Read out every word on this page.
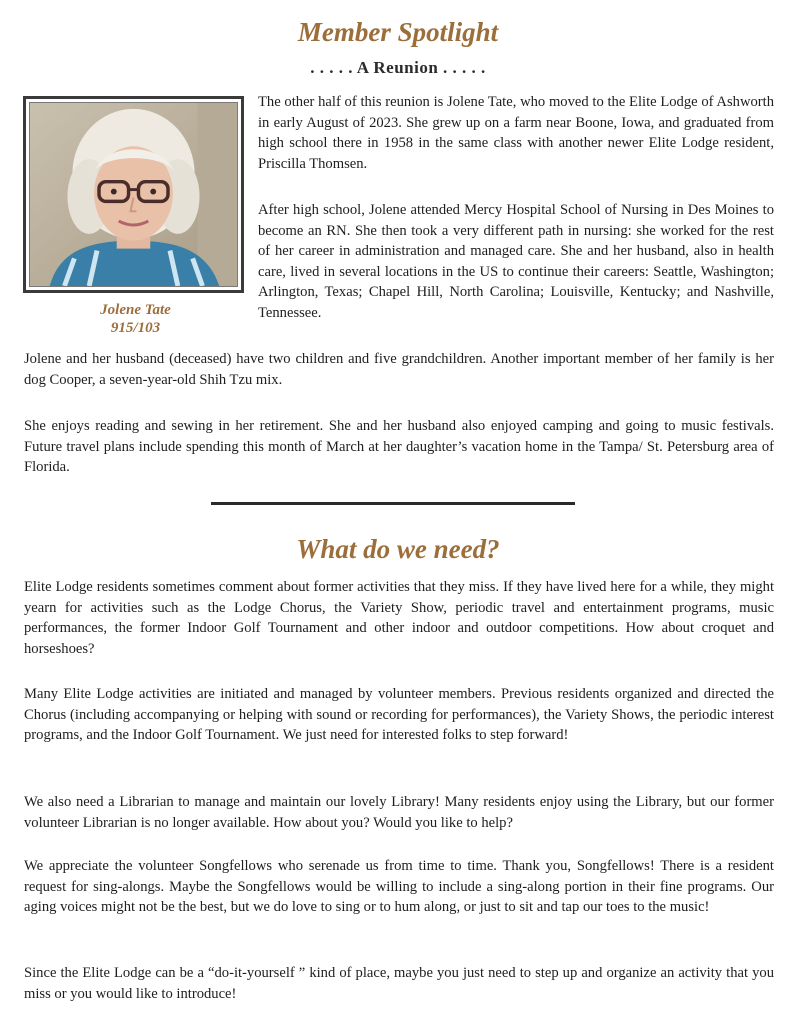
Member Spotlight
. . . . . A Reunion . . . . .
Jolene Tate
915/103

The other half of this reunion is Jolene Tate, who moved to the Elite Lodge of Ashworth in early August of 2023. She grew up on a farm near Boone, Iowa, and graduated from high school there in 1958 in the same class with another newer Elite Lodge resident, Priscilla Thomsen.

After high school, Jolene attended Mercy Hospital School of Nursing in Des Moines to become an RN. She then took a very different path in nursing: she worked for the rest of her career in administration and managed care. She and her husband, also in health care, lived in several locations in the US to continue their careers: Seattle, Washington; Arlington, Texas; Chapel Hill, North Carolina; Louisville, Kentucky; and Nashville, Tennessee.

Jolene and her husband (deceased) have two children and five grandchildren. Another important member of her family is her dog Cooper, a seven-year-old Shih Tzu mix.

She enjoys reading and sewing in her retirement. She and her husband also enjoyed camping and going to music festivals. Future travel plans include spending this month of March at her daughter’s vacation home in the Tampa/ St. Petersburg area of Florida.

What do we need?

Elite Lodge residents sometimes comment about former activities that they miss. If they have lived here for a while, they might yearn for activities such as the Lodge Chorus, the Variety Show, periodic travel and entertainment programs, music performances, the former Indoor Golf Tournament and other indoor and outdoor competitions. How about croquet and horseshoes?

Many Elite Lodge activities are initiated and managed by volunteer members. Previous residents organized and directed the Chorus (including accompanying or helping with sound or recording for performances), the Variety Shows, the periodic interest programs, and the Indoor Golf Tournament. We just need for interested folks to step forward!

We also need a Librarian to manage and maintain our lovely Library! Many residents enjoy using the Library, but our former volunteer Librarian is no longer available. How about you? Would you like to help?

We appreciate the volunteer Songfellows who serenade us from time to time. Thank you, Songfellows! There is a resident request for sing-alongs. Maybe the Songfellows would be willing to include a sing-along portion in their fine programs. Our aging voices might not be the best, but we do love to sing or to hum along, or just to sit and tap our toes to the music!

Since the Elite Lodge can be a “do-it-yourself ” kind of place, maybe you just need to step up and organize an activity that you miss or you would like to introduce!
